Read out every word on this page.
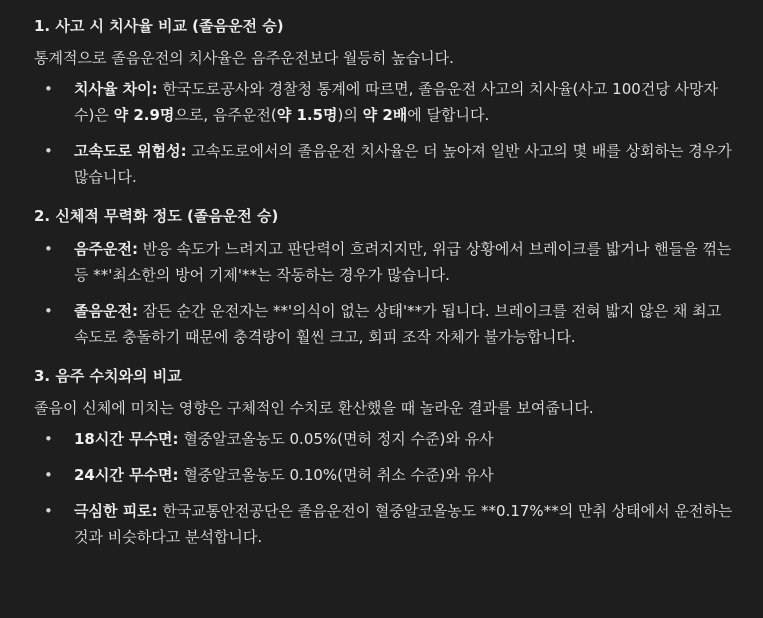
1. 사고 시 치사율 비교 (졸음운전 승)
통계적으로 졸음운전의 치사율은 음주운전보다 월등히 높습니다.
• 치사율 차이: 한국도로공사와 경찰청 통계에 따르면, 졸음운전 사고의 치사율(사고 100건당 사망자 수)은 약 2.9명으로, 음주운전(약 1.5명)의 약 2배에 달합니다.
• 고속도로 위험성: 고속도로에서의 졸음운전 치사율은 더 높아져 일반 사고의 몇 배를 상회하는 경우가 많습니다.
2. 신체적 무력화 정도 (졸음운전 승)
• 음주운전: 반응 속도가 느려지고 판단력이 흐려지지만, 위급 상황에서 브레이크를 밟거나 핸들을 꺾는 등 **'최소한의 방어 기제'**는 작동하는 경우가 많습니다.
• 졸음운전: 잠든 순간 운전자는 **'의식이 없는 상태'**가 됩니다. 브레이크를 전혀 밟지 않은 채 최고 속도로 충돌하기 때문에 충격량이 훨씬 크고, 회피 조작 자체가 불가능합니다.
3. 음주 수치와의 비교
졸음이 신체에 미치는 영향은 구체적인 수치로 환산했을 때 놀라운 결과를 보여줍니다.
• 18시간 무수면: 혈중알코올농도 0.05%(면허 정지 수준)와 유사
• 24시간 무수면: 혈중알코올농도 0.10%(면허 취소 수준)와 유사
• 극심한 피로: 한국교통안전공단은 졸음운전이 혈중알코올농도 **0.17%**의 만취 상태에서 운전하는 것과 비슷하다고 분석합니다.
